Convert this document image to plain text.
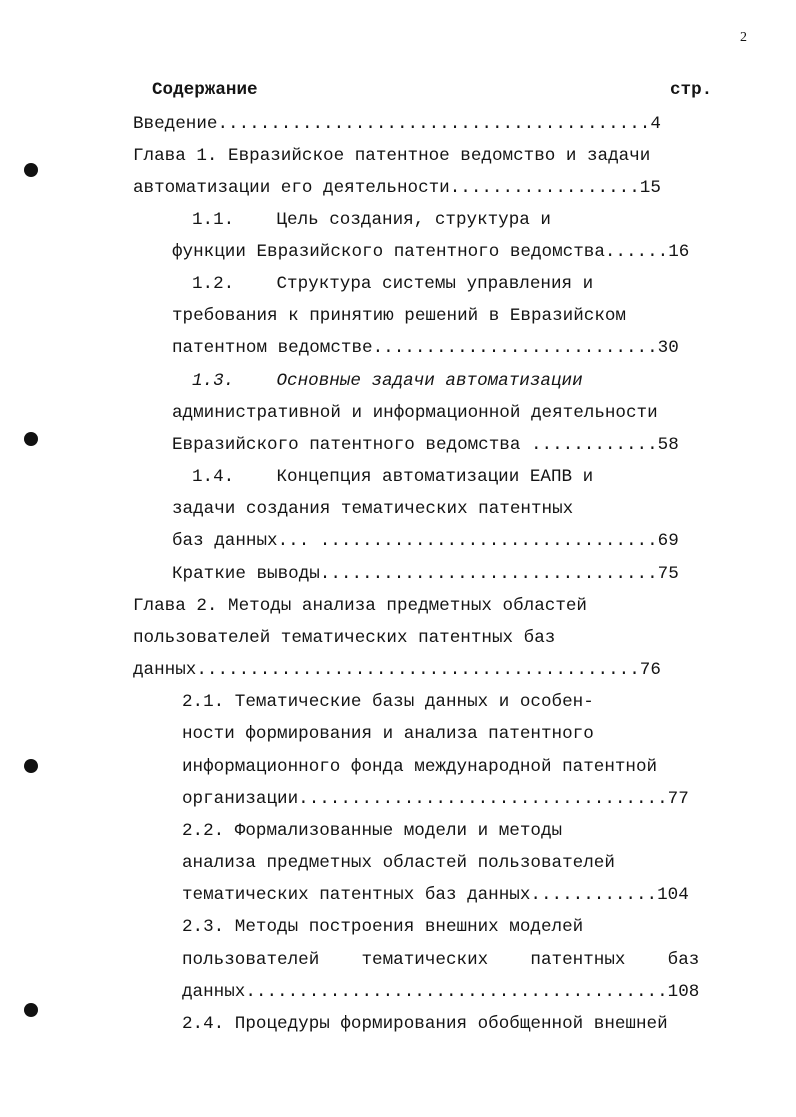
2
Содержание	стр.
Введение.........................................4
Глава 1. Евразийское патентное ведомство и задачи
автоматизации его деятельности..................15
1.1.    Цель создания, структура и
функции Евразийского патентного ведомства......16
1.2.    Структура системы управления и
требования к принятию решений в Евразийском
патентном ведомстве...........................30
1.3.    Основные задачи автоматизации
административной и информационной деятельности
Евразийского патентного ведомства ............58
1.4.    Концепция автоматизации ЕАПВ и
задачи создания тематических патентных
баз данных... ................................69
Краткие выводы................................75
Глава 2. Методы анализа предметных областей
пользователей тематических патентных баз
данных..........................................76
2.1. Тематические базы данных и особен-
ности формирования и анализа патентного
информационного фонда международной патентной
организации...................................77
2.2. Формализованные модели и методы
анализа предметных областей пользователей
тематических патентных баз данных............104
2.3. Методы построения внешних моделей
пользователей    тематических    патентных    баз
данных........................................108
2.4. Процедуры формирования обобщенной внешней
